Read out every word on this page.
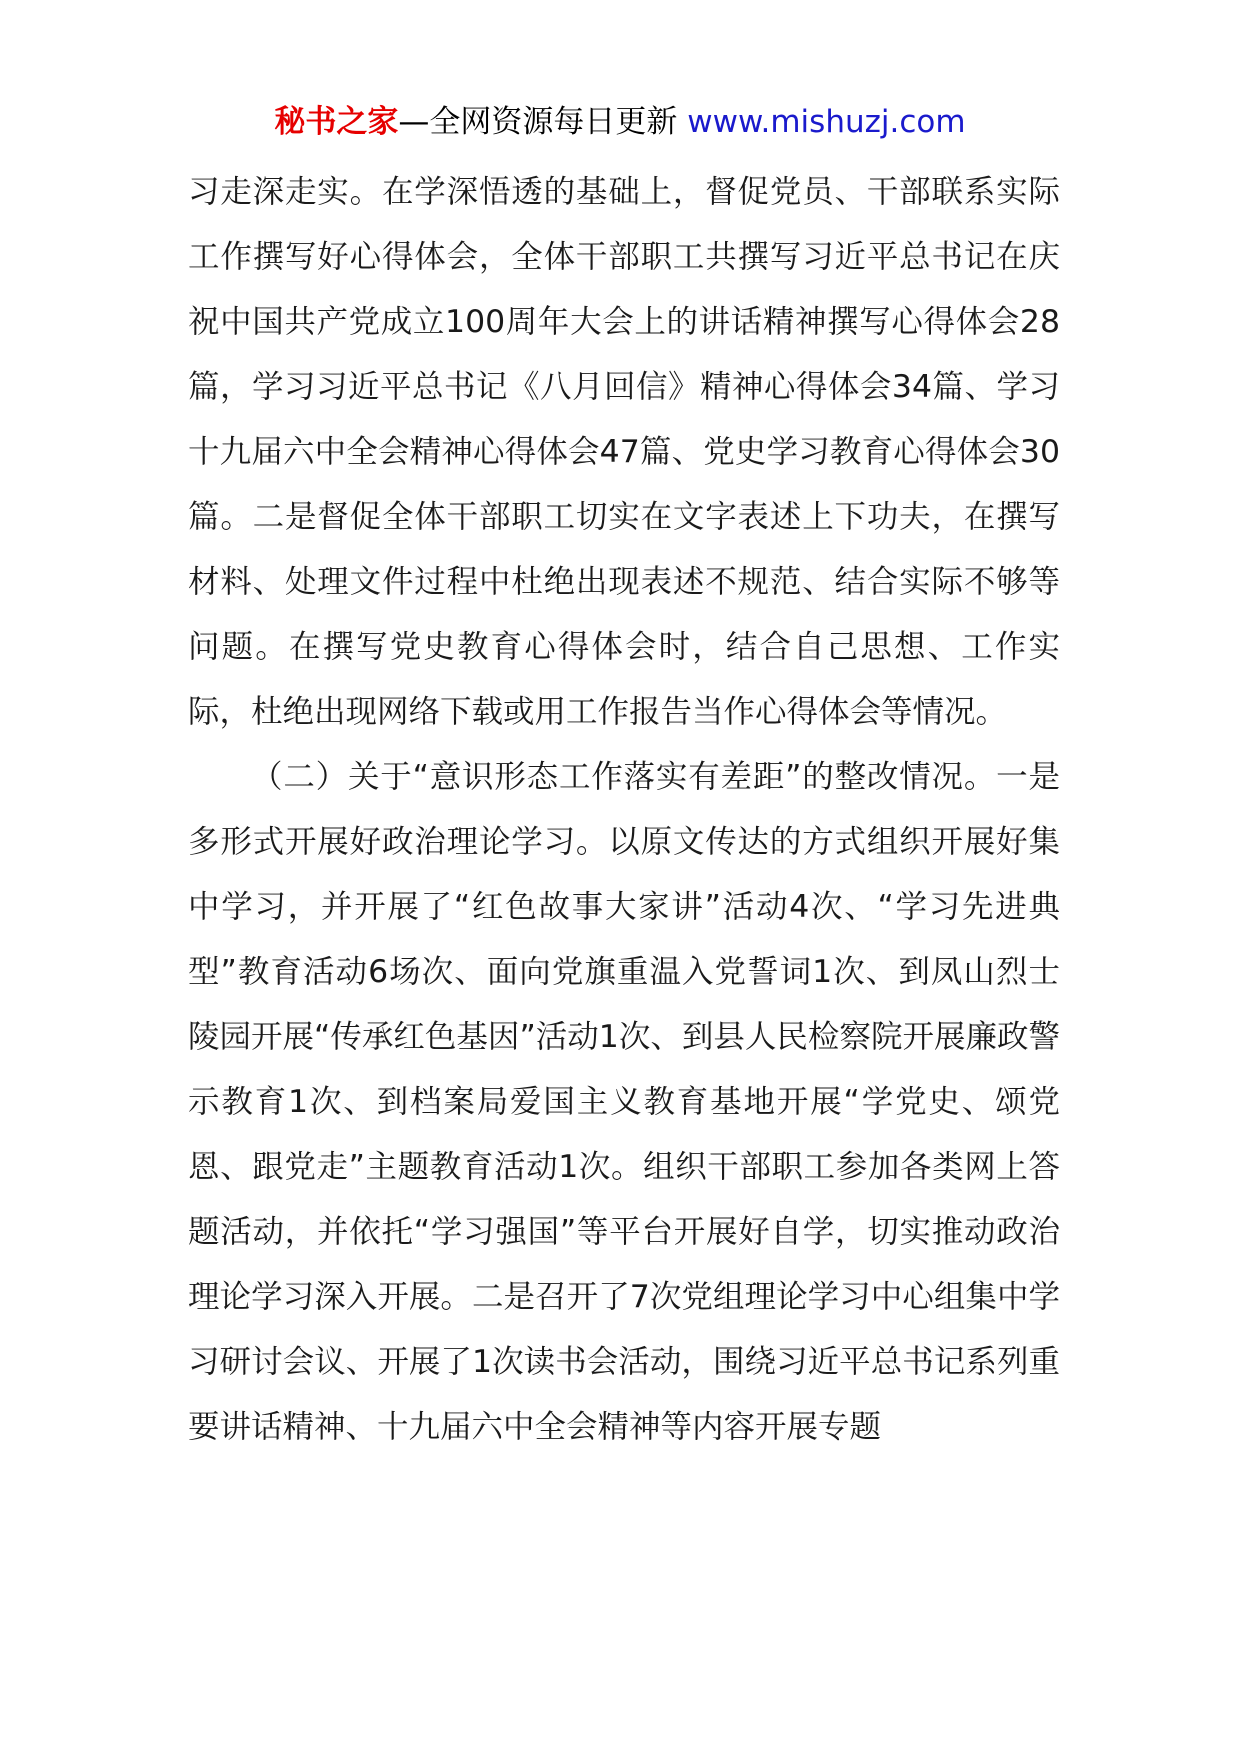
秘书之家—全网资源每日更新 www.mishuzj.com

习走深走实。在学深悟透的基础上，督促党员、干部联系实际工作撰写好心得体会，全体干部职工共撰写习近平总书记在庆祝中国共产党成立100周年大会上的讲话精神撰写心得体会28篇，学习习近平总书记《八月回信》精神心得体会34篇、学习十九届六中全会精神心得体会47篇、党史学习教育心得体会30篇。二是督促全体干部职工切实在文字表述上下功夫，在撰写材料、处理文件过程中杜绝出现表述不规范、结合实际不够等问题。在撰写党史教育心得体会时，结合自己思想、工作实际，杜绝出现网络下载或用工作报告当作心得体会等情况。

（二）关于“意识形态工作落实有差距”的整改情况。一是多形式开展好政治理论学习。以原文传达的方式组织开展好集中学习，并开展了“红色故事大家讲”活动4次、“学习先进典型”教育活动6场次、面向党旗重温入党誓词1次、到凤山烈士陵园开展“传承红色基因”活动1次、到县人民检察院开展廉政警示教育1次、到档案局爱国主义教育基地开展“学党史、颂党恩、跟党走”主题教育活动1次。组织干部职工参加各类网上答题活动，并依托“学习强国”等平台开展好自学，切实推动政治理论学习深入开展。二是召开了7次党组理论学习中心组集中学习研讨会议、开展了1次读书会活动，围绕习近平总书记系列重要讲话精神、十九届六中全会精神等内容开展专题
